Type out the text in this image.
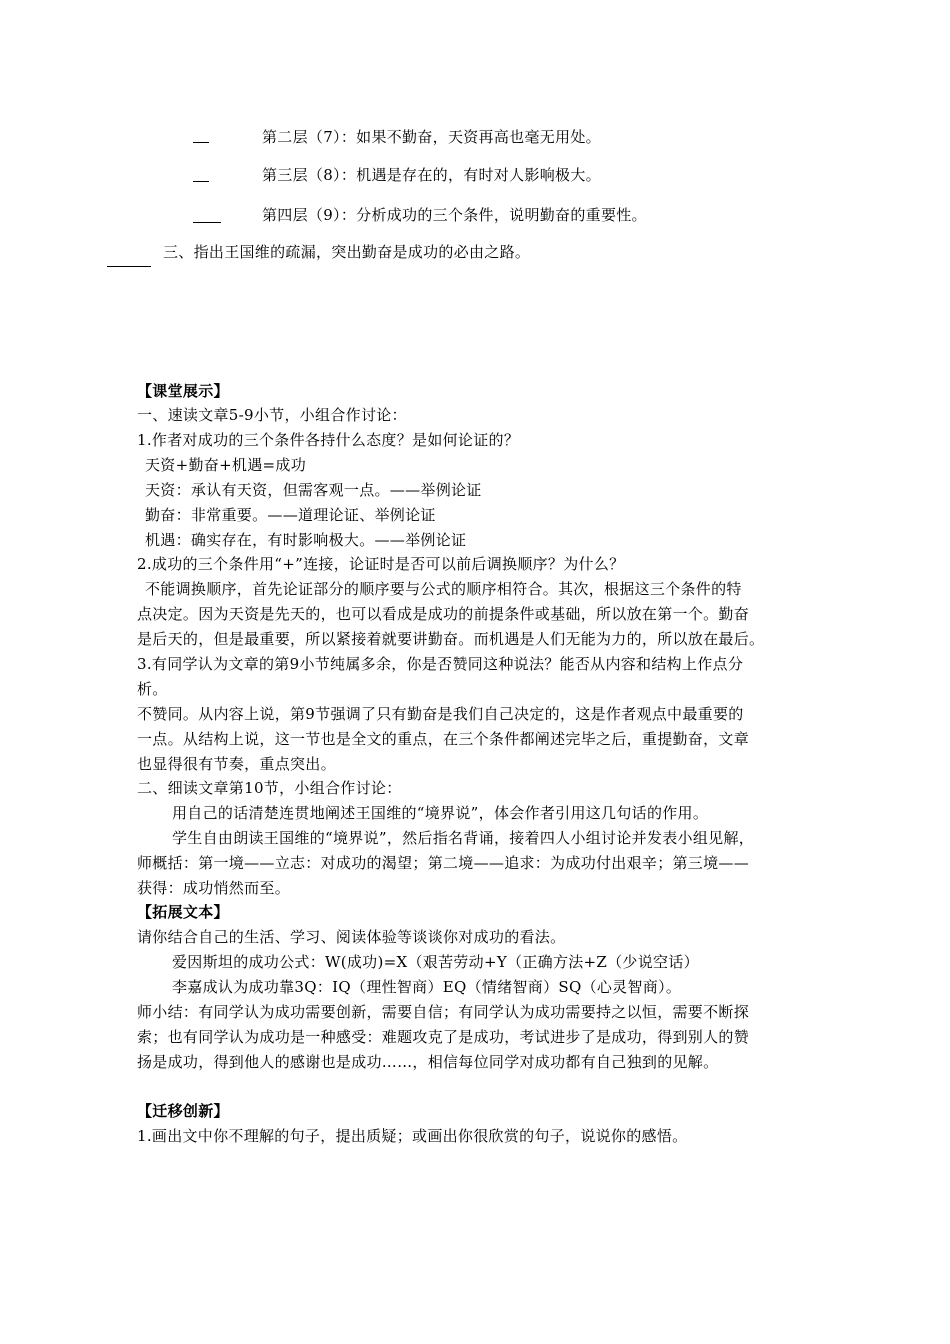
第二层（7）：如果不勤奋，天资再高也毫无用处。
第三层（8）：机遇是存在的，有时对人影响极大。
第四层（9）：分析成功的三个条件，说明勤奋的重要性。
三、指出王国维的疏漏，突出勤奋是成功的必由之路。
【课堂展示】
一、速读文章5-9小节，小组合作讨论：
1.作者对成功的三个条件各持什么态度？是如何论证的？
天资+勤奋+机遇=成功
天资：承认有天资，但需客观一点。——举例论证
勤奋：非常重要。——道理论证、举例论证
机遇：确实存在，有时影响极大。——举例论证
2.成功的三个条件用“+”连接，论证时是否可以前后调换顺序？为什么？
不能调换顺序，首先论证部分的顺序要与公式的顺序相符合。其次，根据这三个条件的特
点决定。因为天资是先天的，也可以看成是成功的前提条件或基础，所以放在第一个。勤奋
是后天的，但是最重要，所以紧接着就要讲勤奋。而机遇是人们无能为力的，所以放在最后。
3.有同学认为文章的第9小节纯属多余，你是否赞同这种说法？能否从内容和结构上作点分
析。
不赞同。从内容上说，第9节强调了只有勤奋是我们自己决定的，这是作者观点中最重要的
一点。从结构上说，这一节也是全文的重点，在三个条件都阐述完毕之后，重提勤奋，文章
也显得很有节奏，重点突出。
二、细读文章第10节，小组合作讨论：
用自己的话清楚连贯地阐述王国维的“境界说”，体会作者引用这几句话的作用。
学生自由朗读王国维的“境界说”，然后指名背诵，接着四人小组讨论并发表小组见解，
师概括：第一境——立志：对成功的渴望；第二境——追求：为成功付出艰辛；第三境——
获得：成功悄然而至。
【拓展文本】
请你结合自己的生活、学习、阅读体验等谈谈你对成功的看法。
爱因斯坦的成功公式：W(成功)=X（艰苦劳动+Y（正确方法+Z（少说空话）
李嘉成认为成功靠3Q：IQ（理性智商）EQ（情绪智商）SQ（心灵智商）。
师小结：有同学认为成功需要创新，需要自信；有同学认为成功需要持之以恒，需要不断探
索；也有同学认为成功是一种感受：难题攻克了是成功，考试进步了是成功，得到别人的赞
扬是成功，得到他人的感谢也是成功……，相信每位同学对成功都有自己独到的见解。
【迁移创新】
1.画出文中你不理解的句子，提出质疑；或画出你很欣赏的句子，说说你的感悟。
